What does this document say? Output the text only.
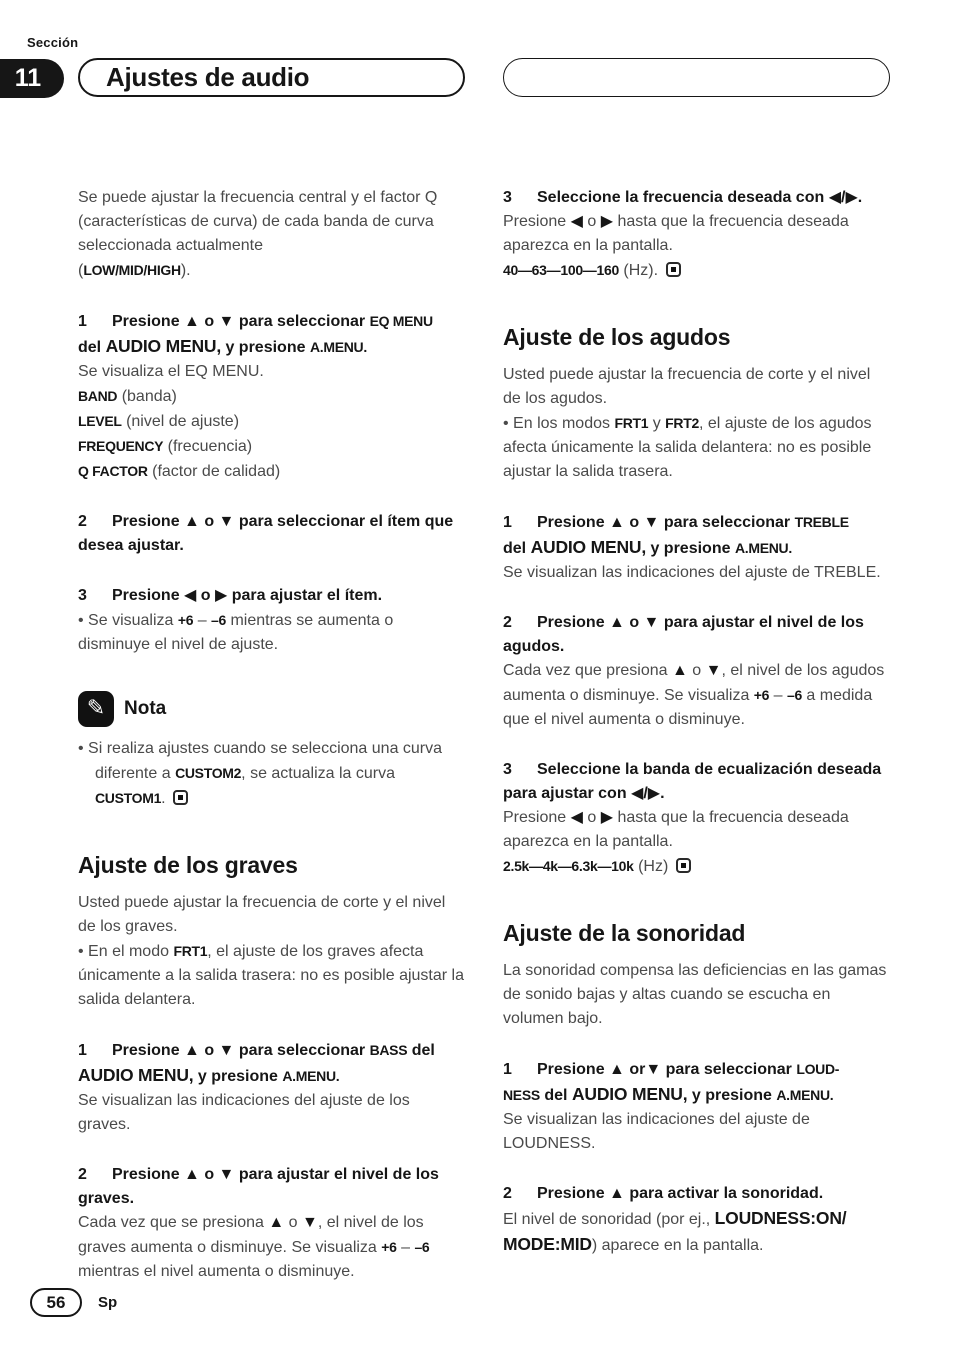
Sección
11 Ajustes de audio
Se puede ajustar la frecuencia central y el factor Q (características de curva) de cada banda de curva seleccionada actualmente
(LOW/MID/HIGH).
1 Presione ▲ o ▼ para seleccionar EQ MENU
del AUDIO MENU, y presione A.MENU.
Se visualiza el EQ MENU.
BAND (banda)
LEVEL (nivel de ajuste)
FREQUENCY (frecuencia)
Q FACTOR (factor de calidad)
2 Presione ▲ o ▼ para seleccionar el ítem que desea ajustar.
3 Presione ◀ o ▶ para ajustar el ítem.
• Se visualiza +6 – –6 mientras se aumenta o disminuye el nivel de ajuste.
✎ Nota
• Si realiza ajustes cuando se selecciona una curva diferente a CUSTOM2, se actualiza la curva CUSTOM1.
Ajuste de los graves
Usted puede ajustar la frecuencia de corte y el nivel de los graves.
• En el modo FRT1, el ajuste de los graves afecta únicamente a la salida trasera: no es posible ajustar la salida delantera.
1 Presione ▲ o ▼ para seleccionar BASS del
AUDIO MENU, y presione A.MENU.
Se visualizan las indicaciones del ajuste de los graves.
2 Presione ▲ o ▼ para ajustar el nivel de los graves.
Cada vez que se presiona ▲ o ▼, el nivel de los graves aumenta o disminuye. Se visualiza +6 – –6 mientras el nivel aumenta o disminuye.
3 Seleccione la frecuencia deseada con ◀/▶.
Presione ◀ o ▶ hasta que la frecuencia deseada aparezca en la pantalla.
40—63—100—160 (Hz).
Ajuste de los agudos
Usted puede ajustar la frecuencia de corte y el nivel de los agudos.
• En los modos FRT1 y FRT2, el ajuste de los agudos afecta únicamente la salida delantera: no es posible ajustar la salida trasera.
1 Presione ▲ o ▼ para seleccionar TREBLE
del AUDIO MENU, y presione A.MENU.
Se visualizan las indicaciones del ajuste de TREBLE.
2 Presione ▲ o ▼ para ajustar el nivel de los agudos.
Cada vez que presiona ▲ o ▼, el nivel de los agudos aumenta o disminuye. Se visualiza +6 – –6 a medida que el nivel aumenta o disminuye.
3 Seleccione la banda de ecualización deseada para ajustar con ◀/▶.
Presione ◀ o ▶ hasta que la frecuencia deseada aparezca en la pantalla.
2.5k—4k—6.3k—10k (Hz)
Ajuste de la sonoridad
La sonoridad compensa las deficiencias en las gamas de sonido bajas y altas cuando se escucha en volumen bajo.
1 Presione ▲ or▼ para seleccionar LOUD-
NESS del AUDIO MENU, y presione A.MENU.
Se visualizan las indicaciones del ajuste de LOUDNESS.
2 Presione ▲ para activar la sonoridad.
El nivel de sonoridad (por ej., LOUDNESS:ON/
MODE:MID) aparece en la pantalla.
56 Sp
